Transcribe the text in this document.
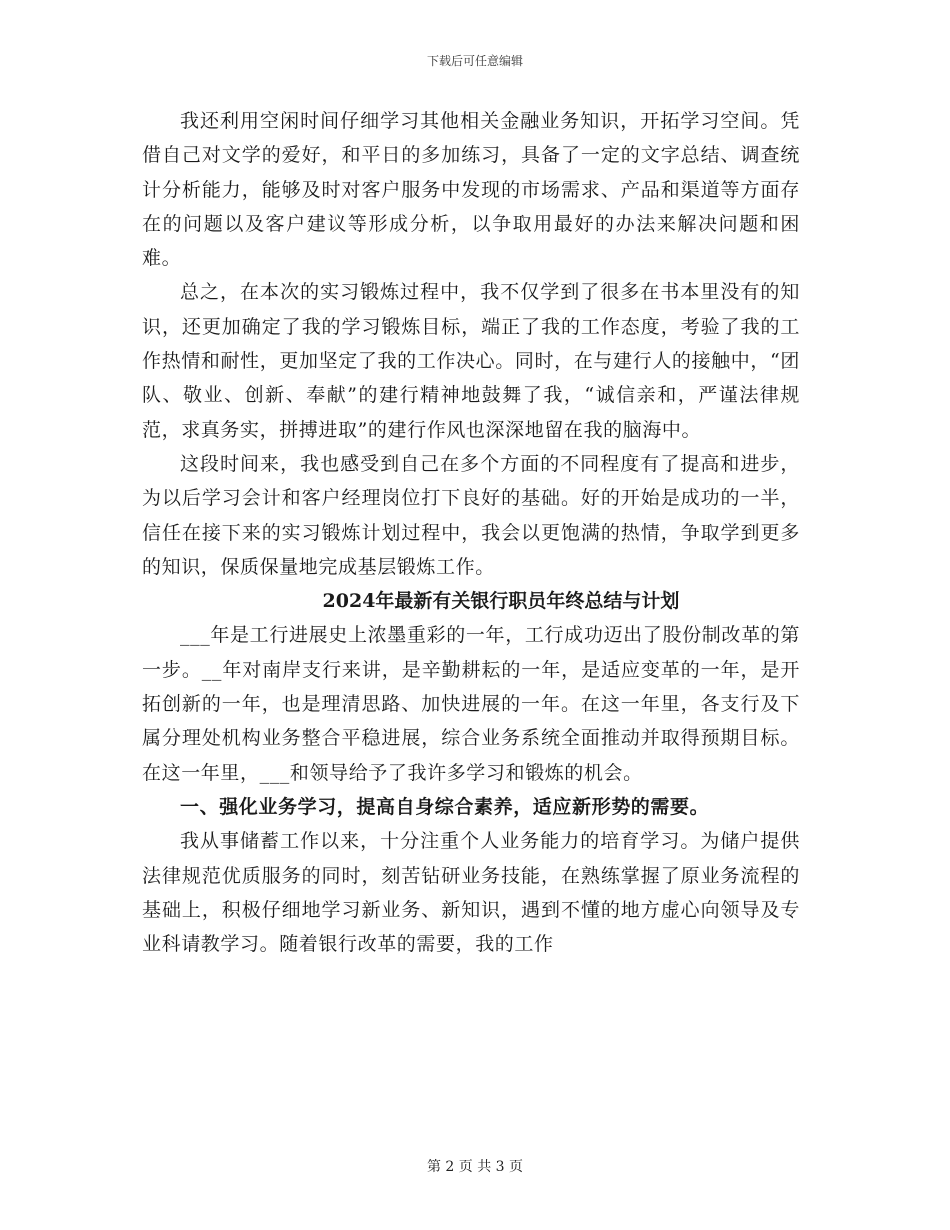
下载后可任意编辑

我还利用空闲时间仔细学习其他相关金融业务知识，开拓学习空间。凭借自己对文学的爱好，和平日的多加练习，具备了一定的文字总结、调查统计分析能力，能够及时对客户服务中发现的市场需求、产品和渠道等方面存在的问题以及客户建议等形成分析，以争取用最好的办法来解决问题和困难。

总之，在本次的实习锻炼过程中，我不仅学到了很多在书本里没有的知识，还更加确定了我的学习锻炼目标，端正了我的工作态度，考验了我的工作热情和耐性，更加坚定了我的工作决心。同时，在与建行人的接触中，“团队、敬业、创新、奉献”的建行精神地鼓舞了我，“诚信亲和，严谨法律规范，求真务实，拼搏进取”的建行作风也深深地留在我的脑海中。

这段时间来，我也感受到自己在多个方面的不同程度有了提高和进步，为以后学习会计和客户经理岗位打下良好的基础。好的开始是成功的一半，信任在接下来的实习锻炼计划过程中，我会以更饱满的热情，争取学到更多的知识，保质保量地完成基层锻炼工作。

2024年最新有关银行职员年终总结与计划

___年是工行进展史上浓墨重彩的一年，工行成功迈出了股份制改革的第一步。__年对南岸支行来讲，是辛勤耕耘的一年，是适应变革的一年，是开拓创新的一年，也是理清思路、加快进展的一年。在这一年里，各支行及下属分理处机构业务整合平稳进展，综合业务系统全面推动并取得预期目标。在这一年里，___和领导给予了我许多学习和锻炼的机会。

一、强化业务学习，提高自身综合素养，适应新形势的需要。

我从事储蓄工作以来，十分注重个人业务能力的培育学习。为储户提供法律规范优质服务的同时，刻苦钻研业务技能，在熟练掌握了原业务流程的基础上，积极仔细地学习新业务、新知识，遇到不懂的地方虚心向领导及专业科请教学习。随着银行改革的需要，我的工作

第 2 页 共 3 页
